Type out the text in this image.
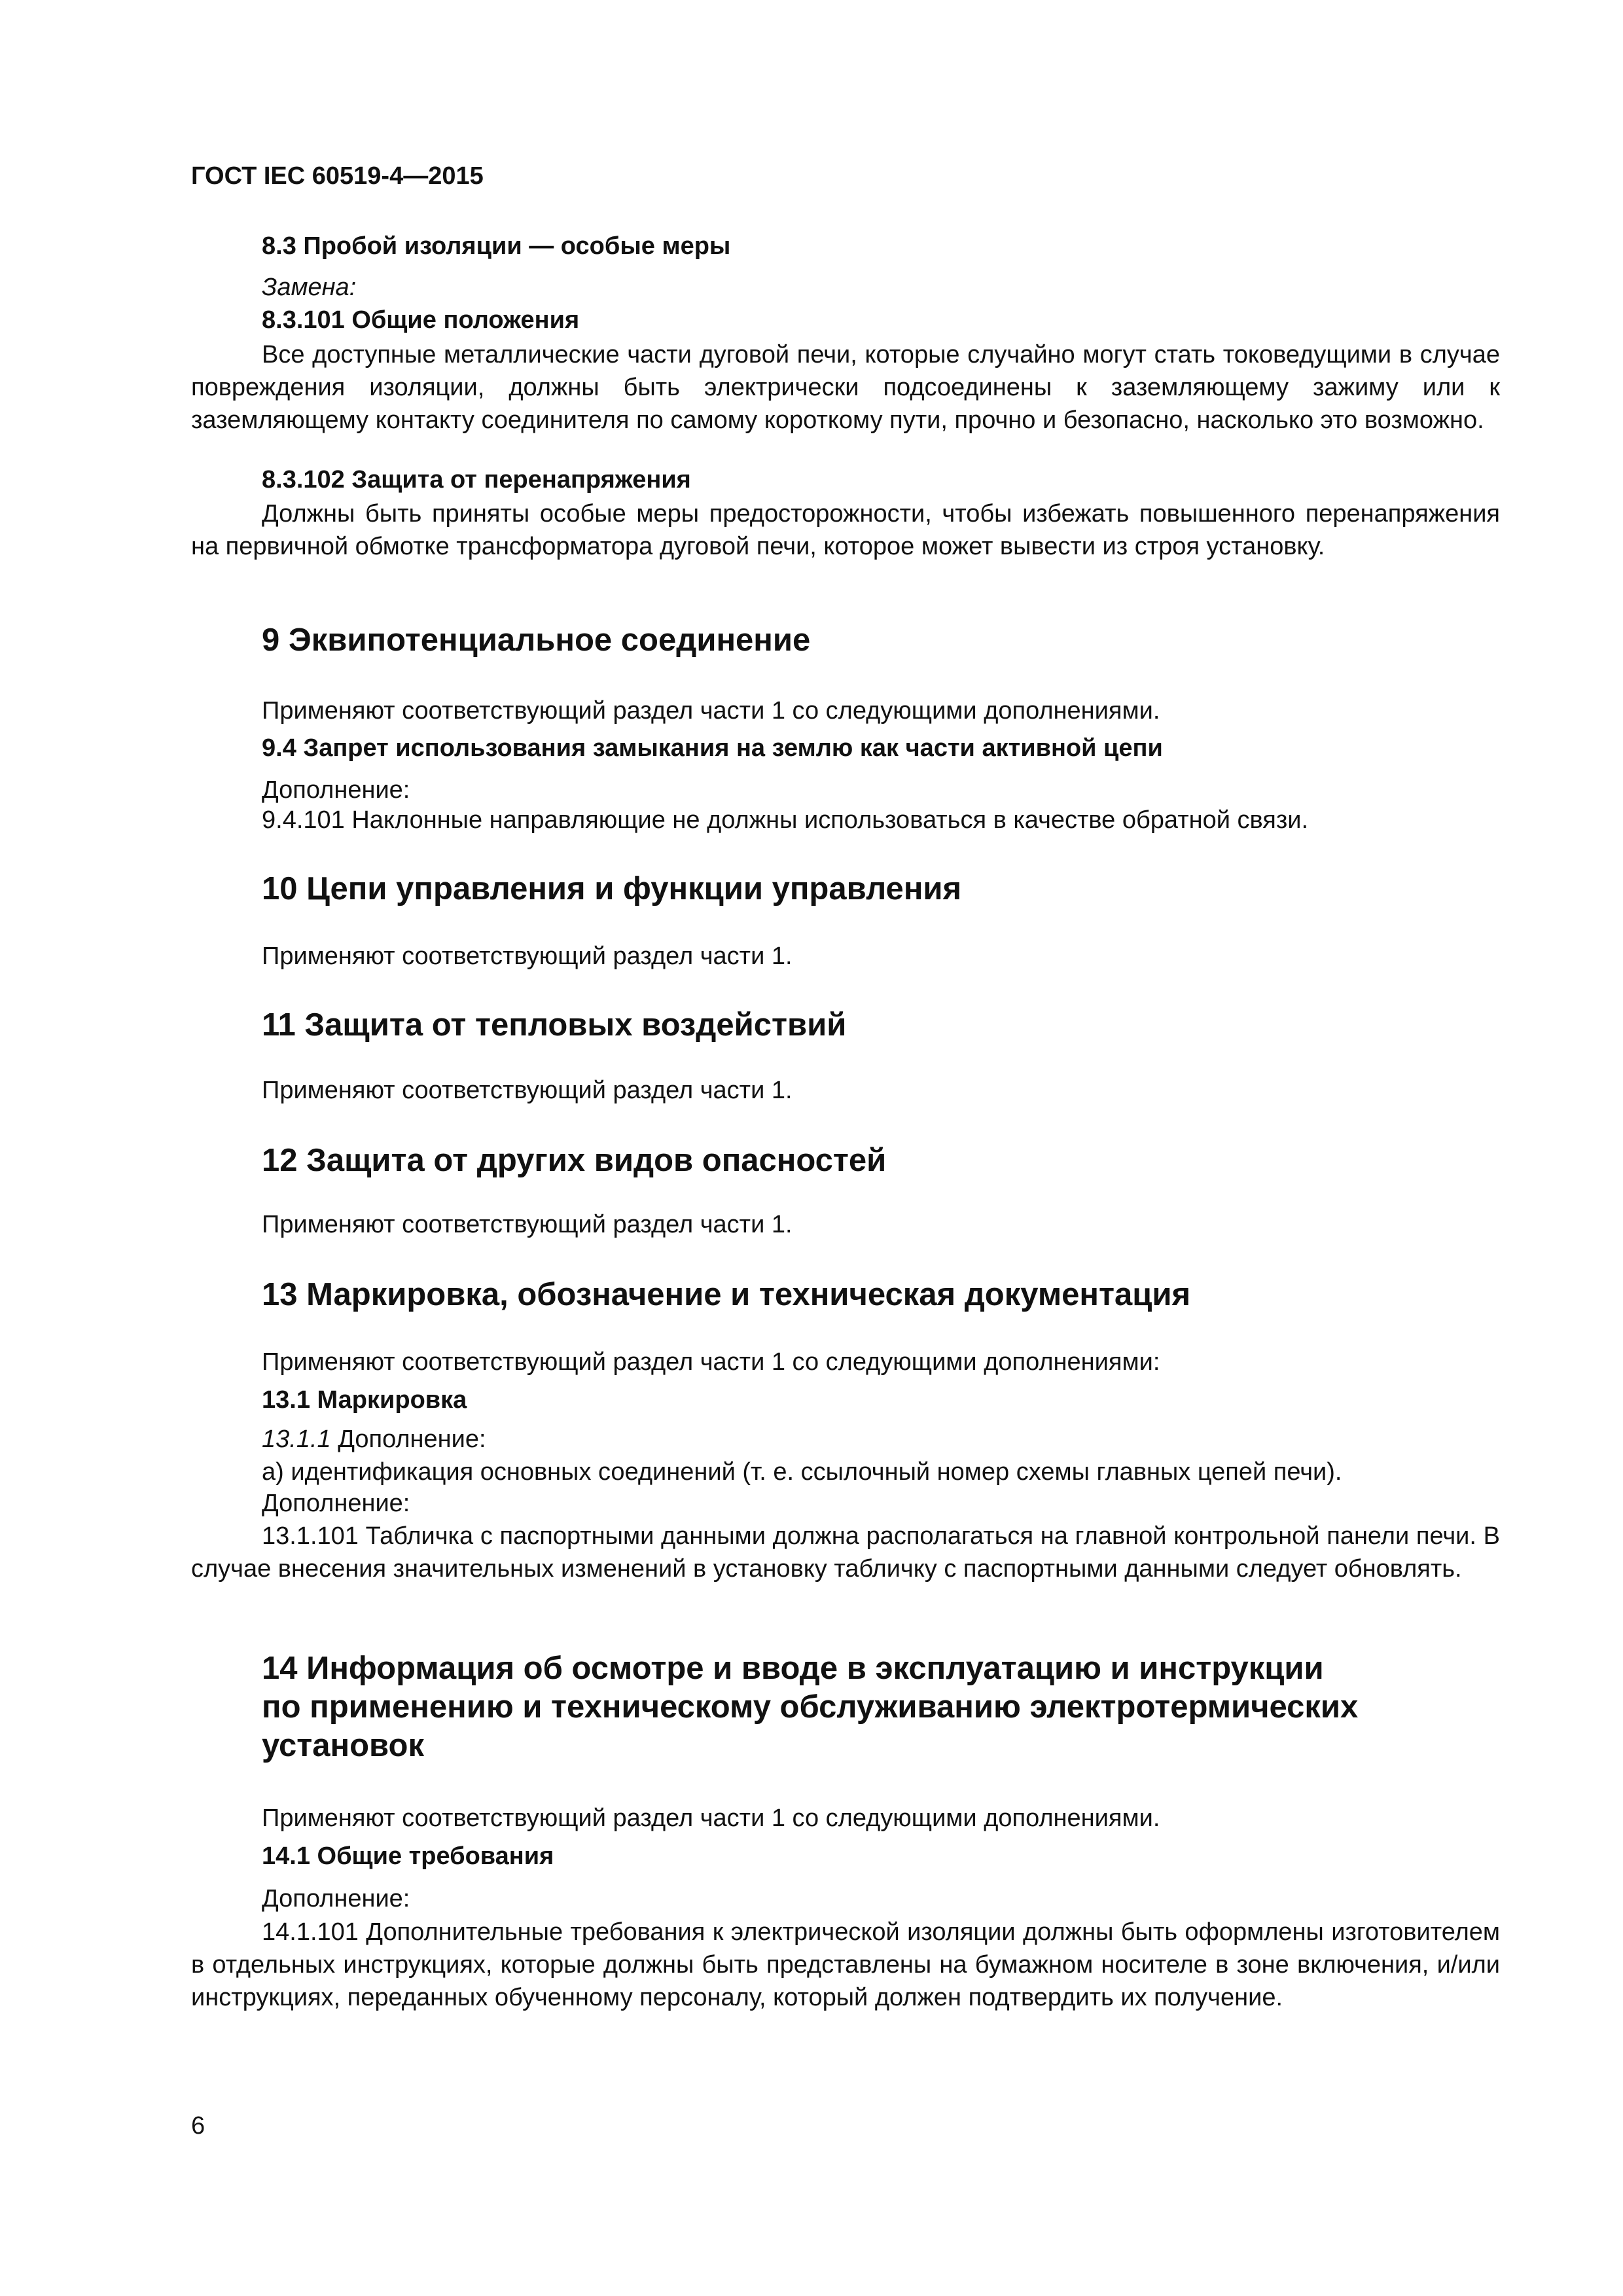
ГОСТ IEC 60519-4—2015
8.3 Пробой изоляции — особые меры
Замена:
8.3.101 Общие положения
Все доступные металлические части дуговой печи, которые случайно могут стать токоведущими в случае повреждения изоляции, должны быть электрически подсоединены к заземляющему зажиму или к заземляющему контакту соединителя по самому короткому пути, прочно и безопасно, насколько это возможно.
8.3.102 Защита от перенапряжения
Должны быть приняты особые меры предосторожности, чтобы избежать повышенного перенапряжения на первичной обмотке трансформатора дуговой печи, которое может вывести из строя установку.
9 Эквипотенциальное соединение
Применяют соответствующий раздел части 1 со следующими дополнениями.
9.4 Запрет использования замыкания на землю как части активной цепи
Дополнение:
9.4.101 Наклонные направляющие не должны использоваться в качестве обратной связи.
10 Цепи управления и функции управления
Применяют соответствующий раздел части 1.
11 Защита от тепловых воздействий
Применяют соответствующий раздел части 1.
12 Защита от других видов опасностей
Применяют соответствующий раздел части 1.
13 Маркировка, обозначение и техническая документация
Применяют соответствующий раздел части 1 со следующими дополнениями:
13.1 Маркировка
13.1.1 Дополнение:
а) идентификация основных соединений (т. е. ссылочный номер схемы главных цепей печи).
Дополнение:
13.1.101 Табличка с паспортными данными должна располагаться на главной контрольной панели печи. В случае внесения значительных изменений в установку табличку с паспортными данными следует обновлять.
14 Информация об осмотре и вводе в эксплуатацию и инструкции
по применению и техническому обслуживанию электротермических
установок
Применяют соответствующий раздел части 1 со следующими дополнениями.
14.1 Общие требования
Дополнение:
14.1.101 Дополнительные требования к электрической изоляции должны быть оформлены изготовителем в отдельных инструкциях, которые должны быть представлены на бумажном носителе в зоне включения, и/или инструкциях, переданных обученному персоналу, который должен подтвердить их получение.
6
